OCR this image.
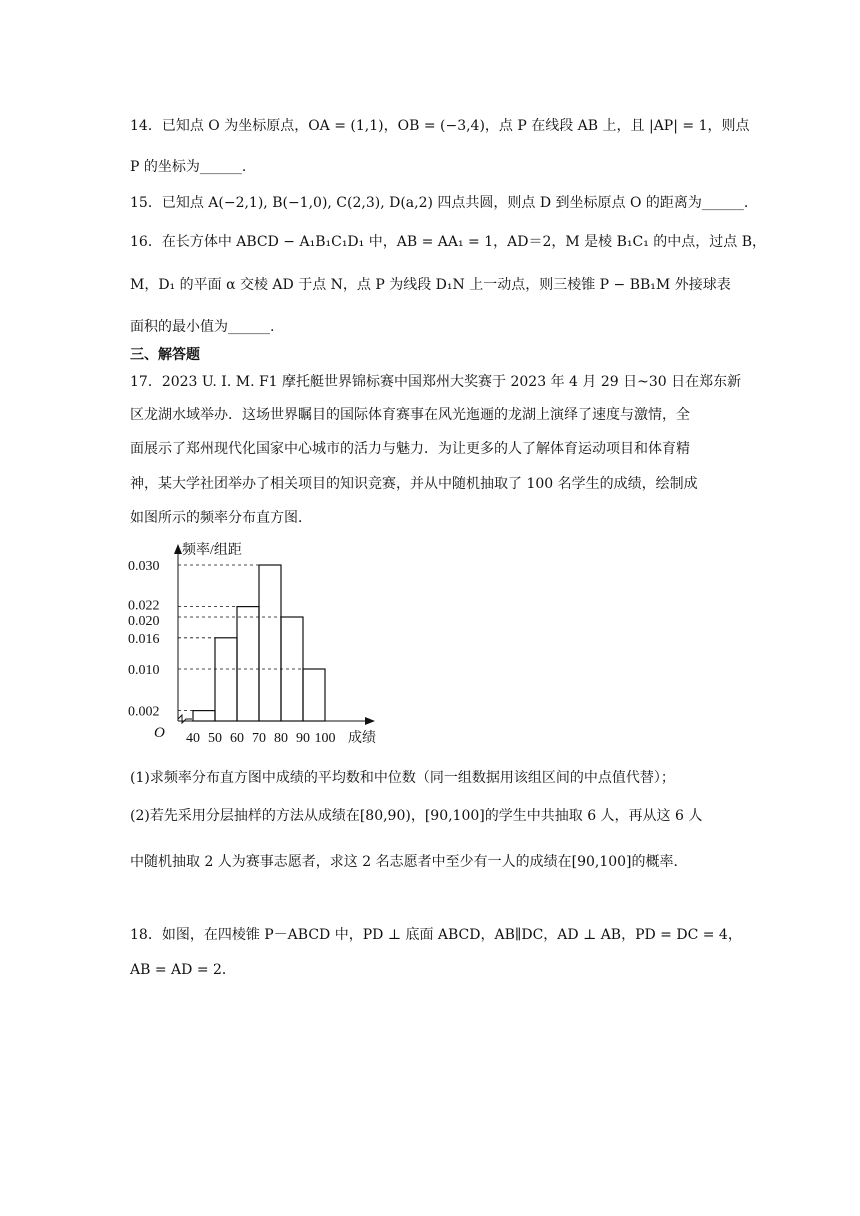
14．已知点 O 为坐标原点，OA = (1,1)，OB = (−3,4)，点 P 在线段 AB 上，且 |AP| = 1，则点
P 的坐标为______.
15．已知点 A(−2,1), B(−1,0), C(2,3), D(a,2) 四点共圆，则点 D 到坐标原点 O 的距离为______.
16．在长方体中 ABCD − A₁B₁C₁D₁ 中，AB = AA₁ = 1，AD＝2，M 是棱 B₁C₁ 的中点，过点 B，
M，D₁ 的平面 α 交棱 AD 于点 N，点 P 为线段 D₁N 上一动点，则三棱锥 P − BB₁M 外接球表
面积的最小值为______.
三、解答题
17．2023 U. I. M. F1 摩托艇世界锦标赛中国郑州大奖赛于 2023 年 4 月 29 日~30 日在郑东新
区龙湖水域举办．这场世界瞩目的国际体育赛事在风光迤逦的龙湖上演绎了速度与激情，全
面展示了郑州现代化国家中心城市的活力与魅力．为让更多的人了解体育运动项目和体育精
神，某大学社团举办了相关项目的知识竞赛，并从中随机抽取了 100 名学生的成绩，绘制成
如图所示的频率分布直方图．
0.002
0.010
0.016
0.020
0.022
0.030
40 50 60 70 80 90 100
频率/组距
成绩
O
(1)求频率分布直方图中成绩的平均数和中位数（同一组数据用该组区间的中点值代替）；
(2)若先采用分层抽样的方法从成绩在[80,90)，[90,100]的学生中共抽取 6 人，再从这 6 人
中随机抽取 2 人为赛事志愿者，求这 2 名志愿者中至少有一人的成绩在[90,100]的概率．
18．如图，在四棱锥 P－ABCD 中，PD ⊥ 底面 ABCD，AB∥DC，AD ⊥ AB，PD = DC = 4，
AB = AD = 2．
